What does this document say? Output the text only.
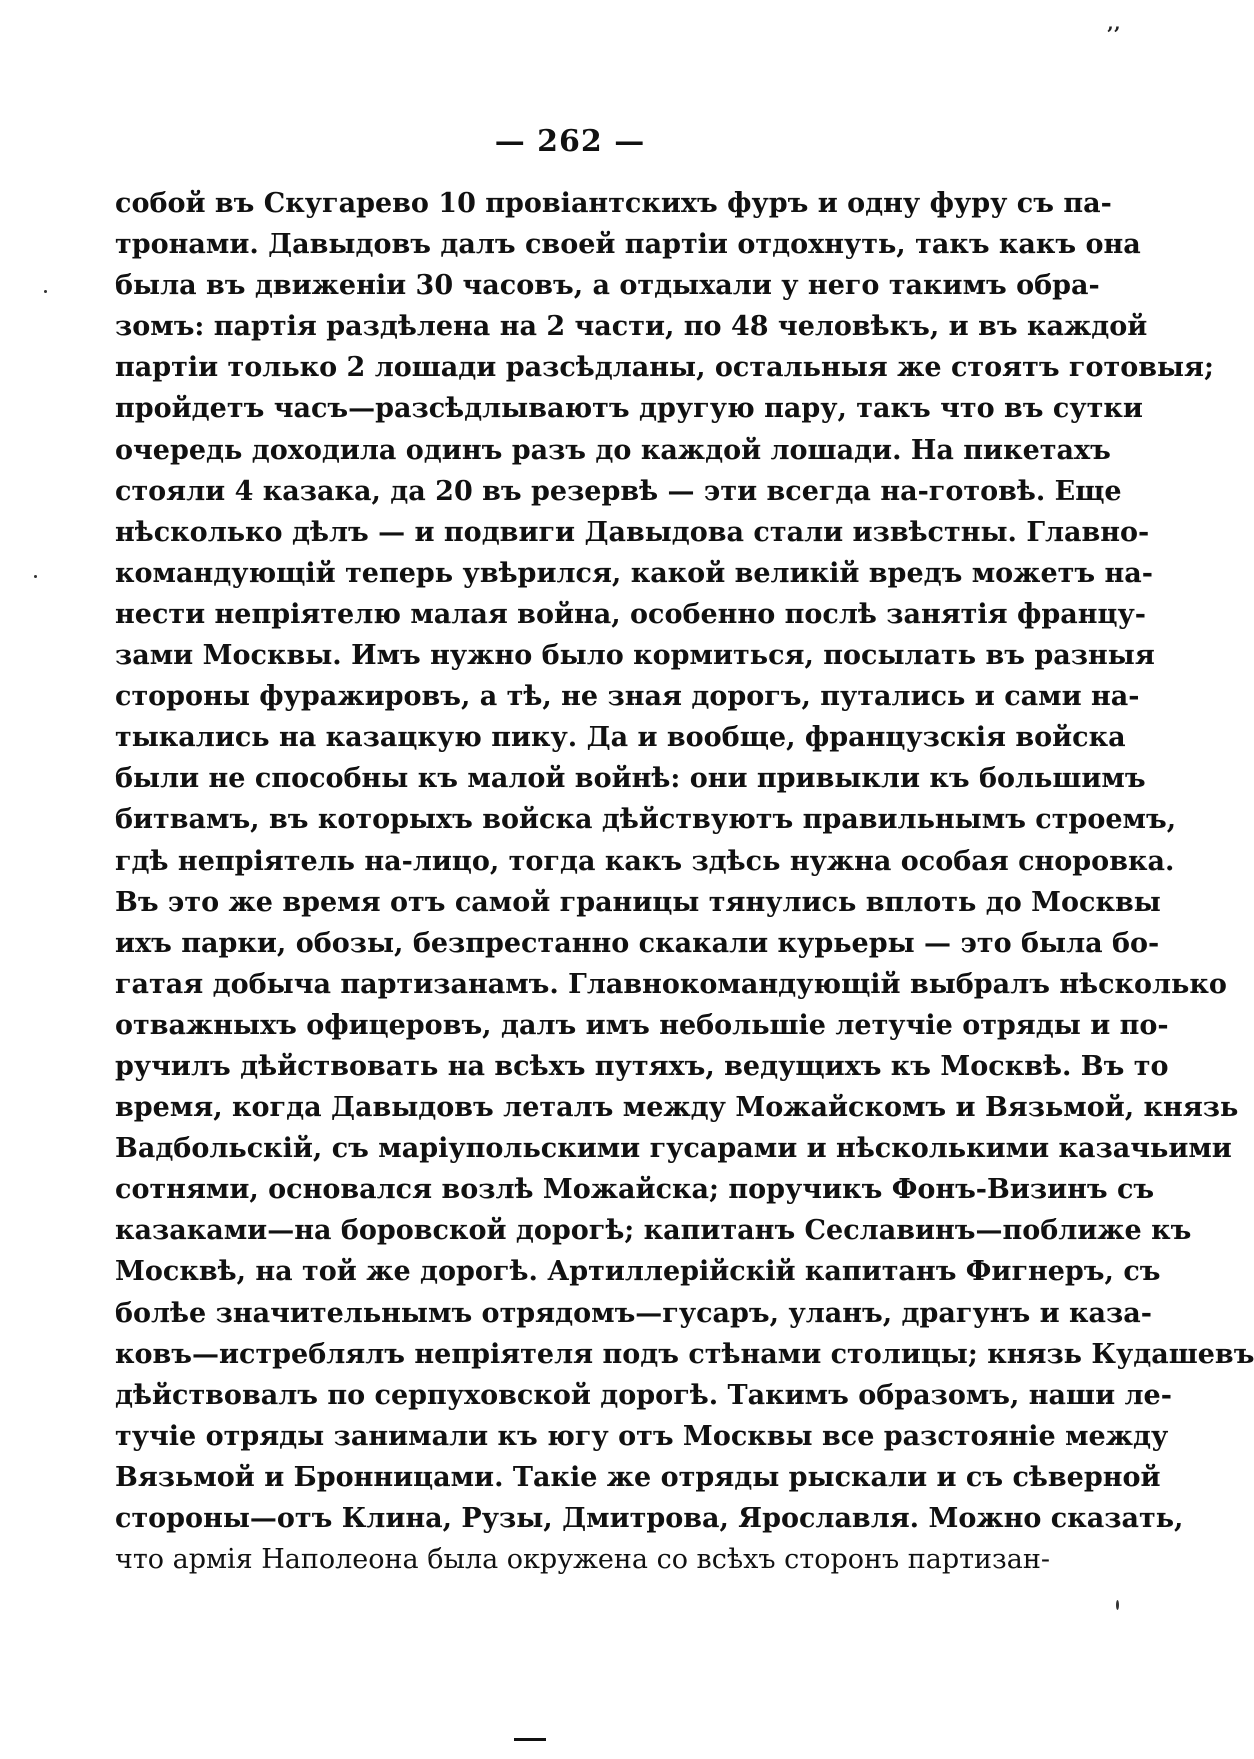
ʼʼ
— 262 —
собой въ Скугарево 10 провіантскихъ фуръ и одну фуру съ па-
тронами. Давыдовъ далъ своей партіи отдохнуть, такъ какъ она
была въ движеніи 30 часовъ, а отдыхали у него такимъ обра-
зомъ: партія раздѣлена на 2 части, по 48 человѣкъ, и въ каждой
партіи только 2 лошади разсѣдланы, остальныя же стоятъ готовыя;
пройдетъ часъ—разсѣдлываютъ другую пару, такъ что въ сутки
очередь доходила одинъ разъ до каждой лошади. На пикетахъ
стояли 4 казака, да 20 въ резервѣ — эти всегда на-готовѣ. Еще
нѣсколько дѣлъ — и подвиги Давыдова стали извѣстны. Главно-
командующій теперь увѣрился, какой великій вредъ можетъ на-
нести непріятелю малая война, особенно послѣ занятія францу-
зами Москвы. Имъ нужно было кормиться, посылать въ разныя
стороны фуражировъ, а тѣ, не зная дорогъ, путались и сами на-
тыкались на казацкую пику. Да и вообще, французскія войска
были не способны къ малой войнѣ: они привыкли къ большимъ
битвамъ, въ которыхъ войска дѣйствуютъ правильнымъ строемъ,
гдѣ непріятель на-лицо, тогда какъ здѣсь нужна особая сноровка.
Въ это же время отъ самой границы тянулись вплоть до Москвы
ихъ парки, обозы, безпрестанно скакали курьеры — это была бо-
гатая добыча партизанамъ. Главнокомандующій выбралъ нѣсколько
отважныхъ офицеровъ, далъ имъ небольшіе летучіе отряды и по-
ручилъ дѣйствовать на всѣхъ путяхъ, ведущихъ къ Москвѣ. Въ то
время, когда Давыдовъ леталъ между Можайскомъ и Вязьмой, князь
Вадбольскій, съ маріупольскими гусарами и нѣсколькими казачьими
сотнями, основался возлѣ Можайска; поручикъ Фонъ-Визинъ съ
казаками—на боровской дорогѣ; капитанъ Сеславинъ—поближе къ
Москвѣ, на той же дорогѣ. Артиллерійскій капитанъ Фигнеръ, съ
болѣе значительнымъ отрядомъ—гусаръ, уланъ, драгунъ и каза-
ковъ—истреблялъ непріятеля подъ стѣнами столицы; князь Кудашевъ
дѣйствовалъ по серпуховской дорогѣ. Такимъ образомъ, наши ле-
тучіе отряды занимали къ югу отъ Москвы все разстояніе между
Вязьмой и Бронницами. Такіе же отряды рыскали и съ сѣверной
стороны—отъ Клина, Рузы, Дмитрова, Ярославля. Можно сказать,
что армія Наполеона была окружена со всѣхъ сторонъ партизан-
